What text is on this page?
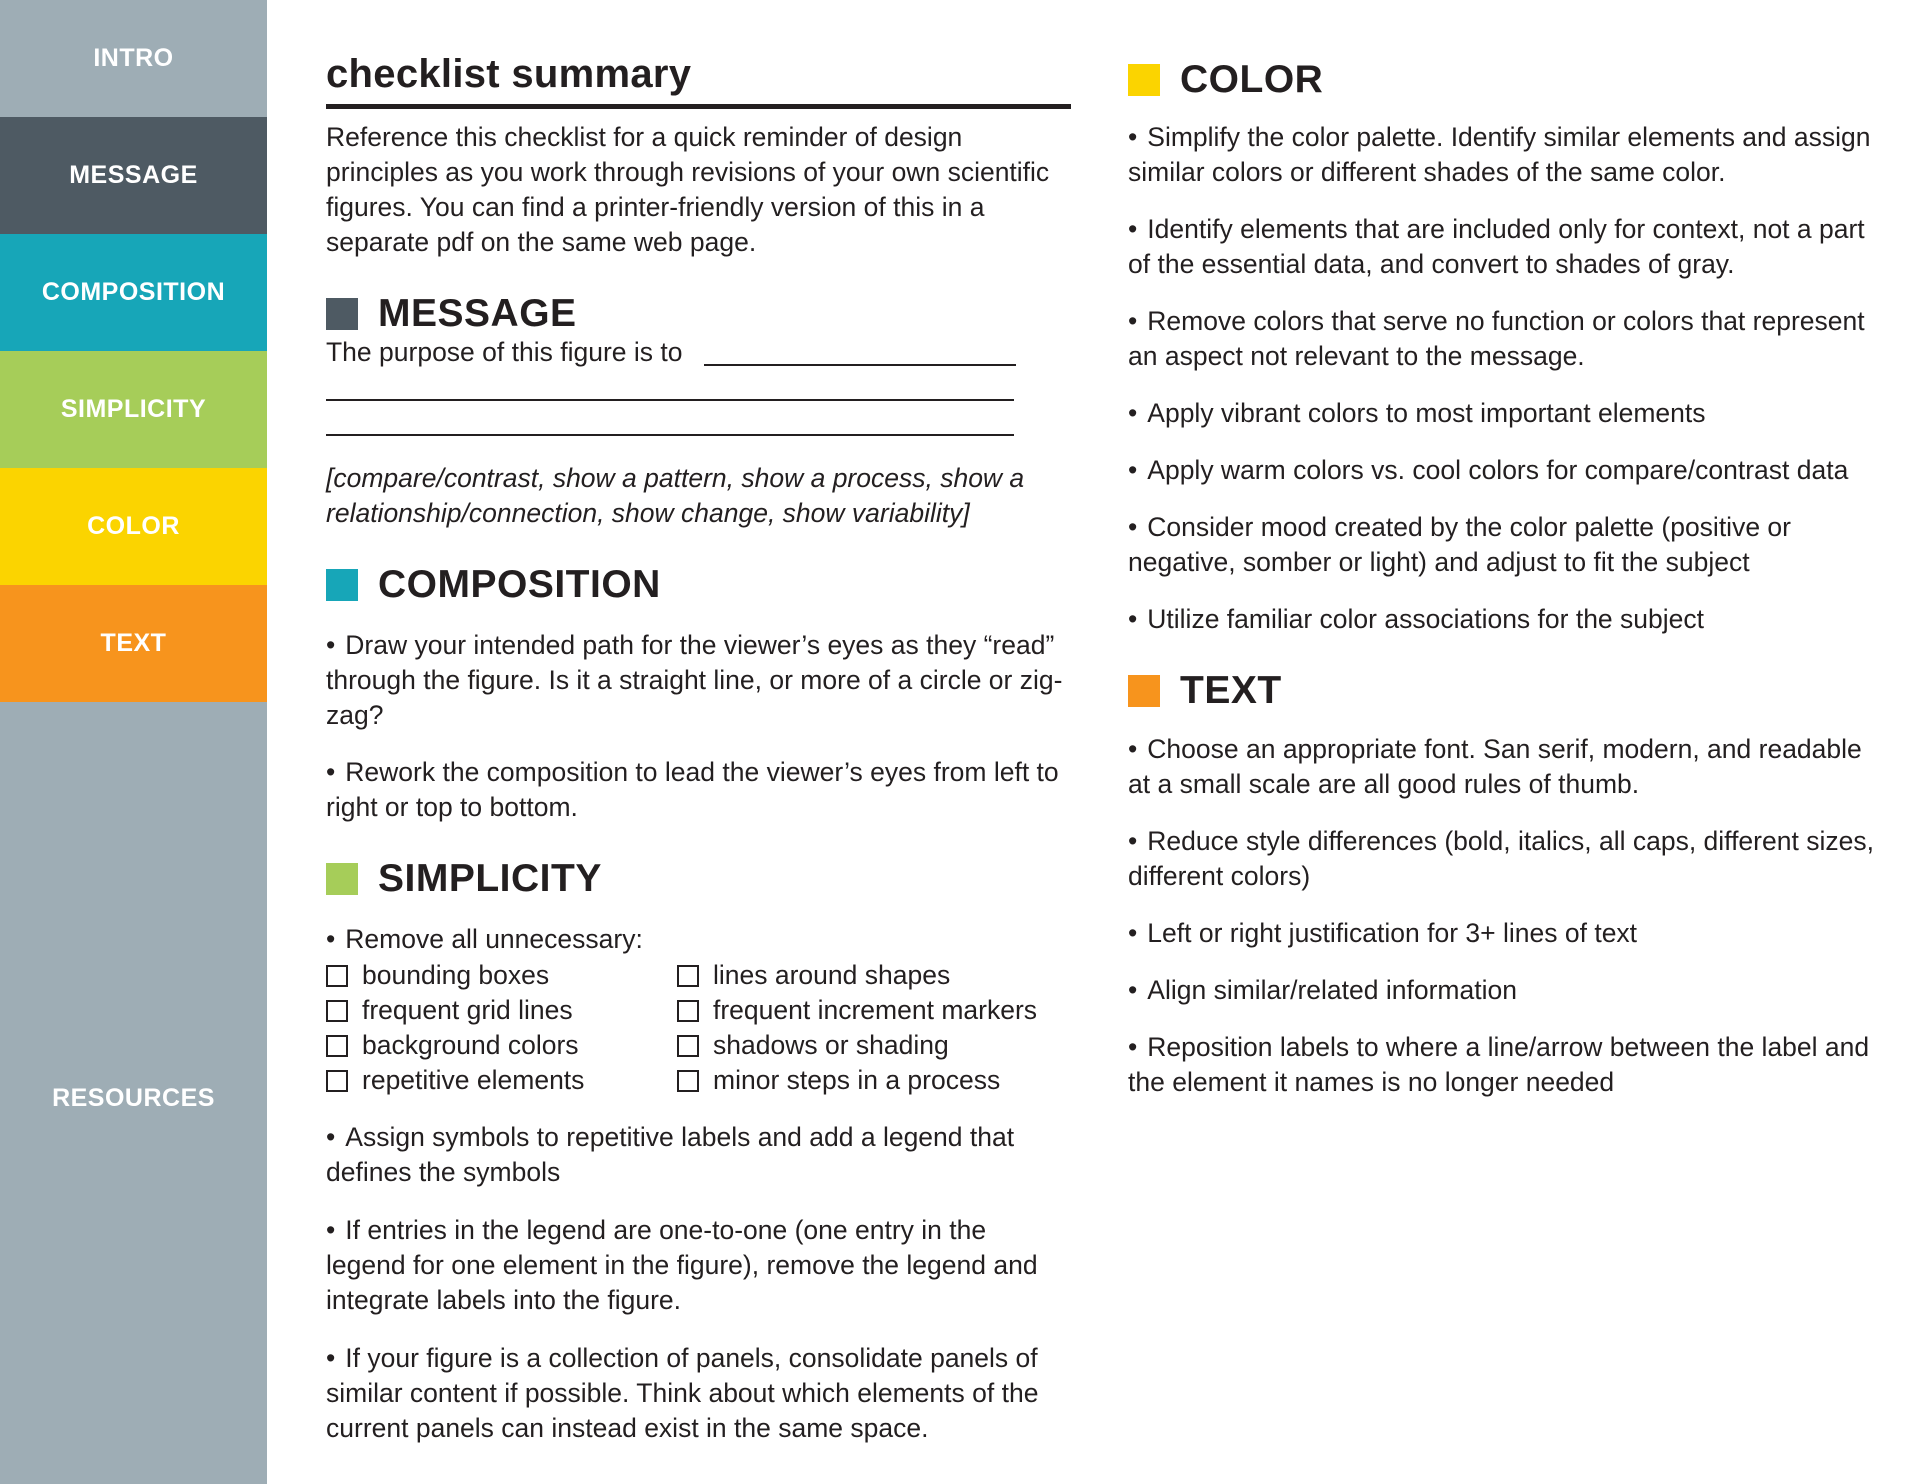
INTRO
MESSAGE
COMPOSITION
SIMPLICITY
COLOR
TEXT
RESOURCES
checklist summary

Reference this checklist for a quick reminder of design principles as you work through revisions of your own scientific figures. You can find a printer-friendly version of this in a separate pdf on the same web page.

MESSAGE

The purpose of this figure is to

[compare/contrast, show a pattern, show a process, show a relationship/connection, show change, show variability]

COMPOSITION

• Draw your intended path for the viewer’s eyes as they “read” through the figure. Is it a straight line, or more of a circle or zig-zag?

• Rework the composition to lead the viewer’s eyes from left to right or top to bottom.

SIMPLICITY

• Remove all unnecessary:

bounding boxes
frequent grid lines
background colors
repetitive elements
lines around shapes
frequent increment markers
shadows or shading
minor steps in a process

• Assign symbols to repetitive labels and add a legend that defines the symbols

• If entries in the legend are one-to-one (one entry in the legend for one element in the figure), remove the legend and integrate labels into the figure.

• If your figure is a collection of panels, consolidate panels of similar content if possible. Think about which elements of the current panels can instead exist in the same space.

COLOR

• Simplify the color palette. Identify similar elements and assign similar colors or different shades of the same color.

• Identify elements that are included only for context, not a part of the essential data, and convert to shades of gray.

• Remove colors that serve no function or colors that represent an aspect not relevant to the message.

• Apply vibrant colors to most important elements

• Apply warm colors vs. cool colors for compare/contrast data

• Consider mood created by the color palette (positive or negative, somber or light) and adjust to fit the subject

• Utilize familiar color associations for the subject

TEXT

• Choose an appropriate font. San serif, modern, and readable at a small scale are all good rules of thumb.

• Reduce style differences (bold, italics, all caps, different sizes, different colors)

• Left or right justification for 3+ lines of text

• Align similar/related information

• Reposition labels to where a line/arrow between the label and the element it names is no longer needed
